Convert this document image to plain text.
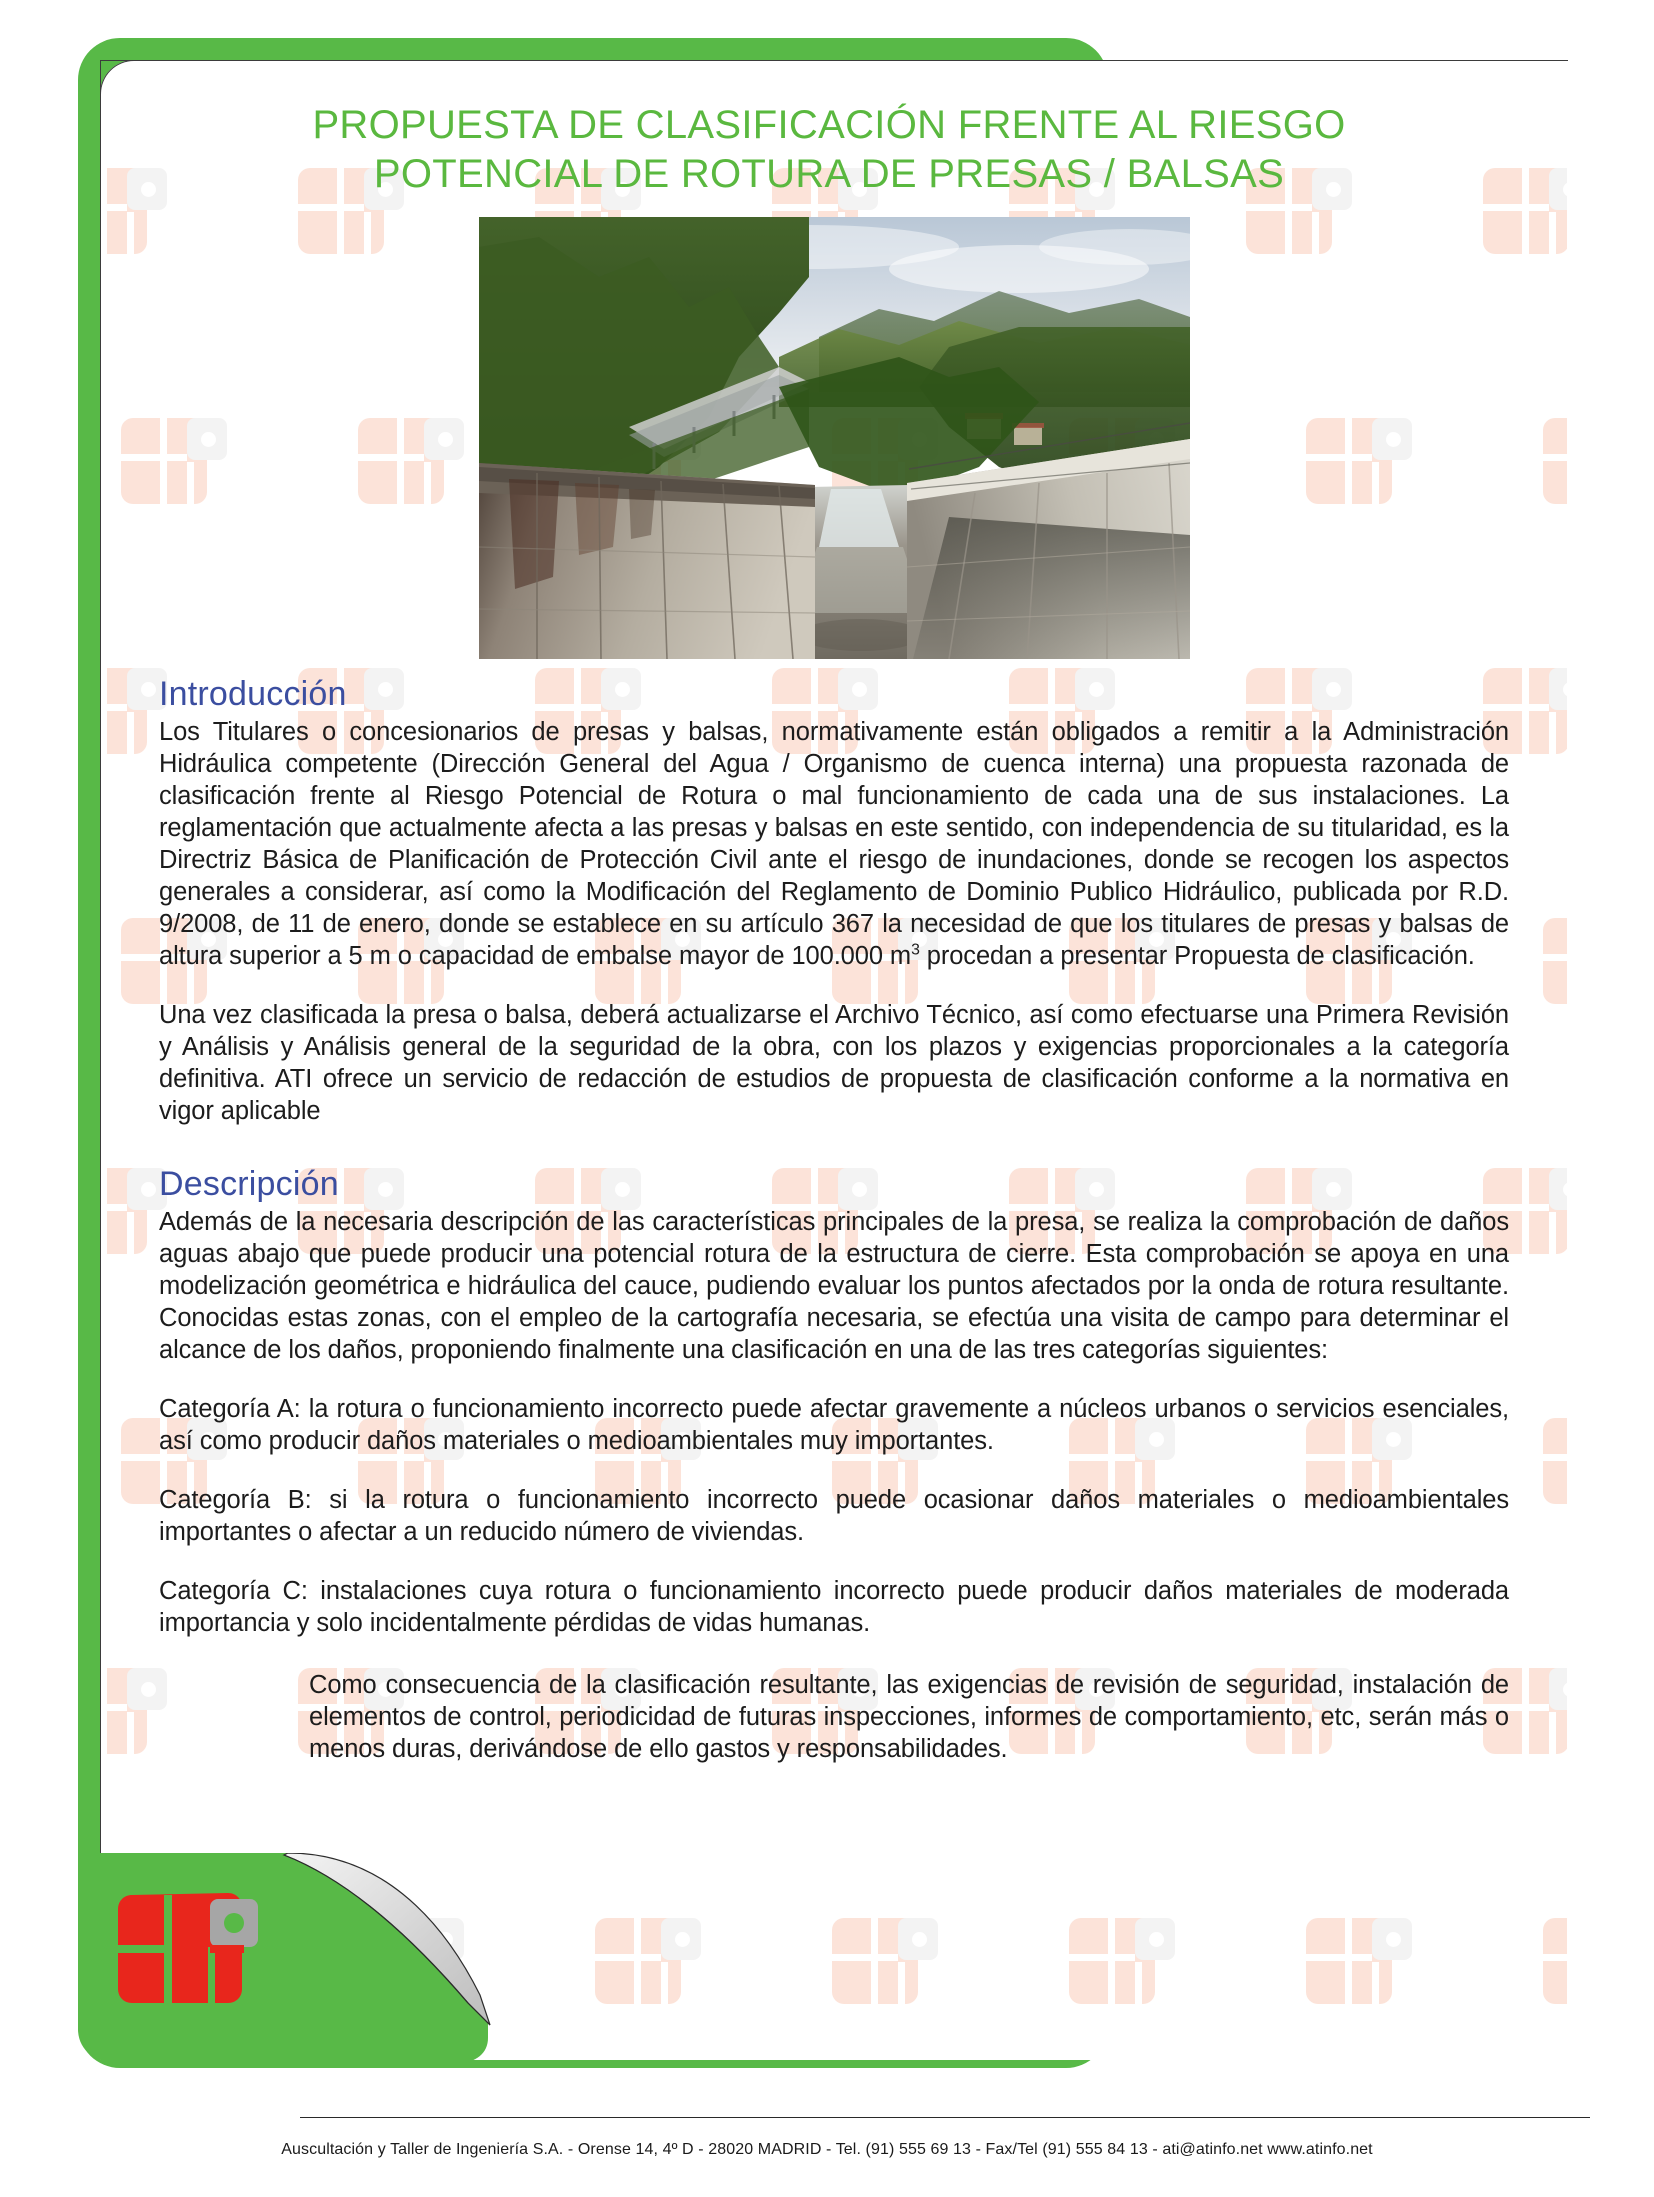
PROPUESTA DE CLASIFICACIÓN FRENTE AL RIESGO
POTENCIAL DE ROTURA DE PRESAS / BALSAS
Introducción

Los Titulares o concesionarios de presas y balsas, normativamente están obligados a remitir a la Administración Hidráulica competente (Dirección General del Agua / Organismo de cuenca interna) una propuesta razonada de clasificación frente al Riesgo Potencial de Rotura o mal funcionamiento de cada una de sus instalaciones. La reglamentación que actualmente afecta a las presas y balsas en este sentido, con independencia de su titularidad, es la Directriz Básica de Planificación de Protección Civil ante el riesgo de inundaciones, donde se recogen los aspectos generales a considerar, así como la Modificación del Reglamento de Dominio Publico Hidráulico, publicada por R.D. 9/2008, de 11 de enero, donde se establece en su artículo 367 la necesidad de que los titulares de presas y balsas de altura superior a 5 m o capacidad de embalse mayor de 100.000 $m^3$ procedan a presentar Propuesta de clasificación.

Una vez clasificada la presa o balsa, deberá actualizarse el Archivo Técnico, así como efectuarse una Primera Revisión y Análisis y Análisis general de la seguridad de la obra, con los plazos y exigencias proporcionales a la categoría definitiva. ATI ofrece un servicio de redacción de estudios de propuesta de clasificación conforme a la normativa en vigor aplicable

Descripción

Además de la necesaria descripción de las características principales de la presa, se realiza la comprobación de daños aguas abajo que puede producir una potencial rotura de la estructura de cierre. Esta comprobación se apoya en una modelización geométrica e hidráulica del cauce, pudiendo evaluar los puntos afectados por la onda de rotura resultante. Conocidas estas zonas, con el empleo de la cartografía necesaria, se efectúa una visita de campo para determinar el alcance de los daños, proponiendo finalmente una clasificación en una de las tres categorías siguientes:

Categoría A: la rotura o funcionamiento incorrecto puede afectar gravemente a núcleos urbanos o servicios esenciales, así como producir daños materiales o medioambientales muy importantes.

Categoría B: si la rotura o funcionamiento incorrecto puede ocasionar daños materiales o medioambientales importantes o afectar a un reducido número de viviendas.

Categoría C: instalaciones cuya rotura o funcionamiento incorrecto puede producir daños materiales de moderada importancia y solo incidentalmente pérdidas de vidas humanas.

Como consecuencia de la clasificación resultante, las exigencias de revisión de seguridad, instalación de elementos de control, periodicidad de futuras inspecciones, informes de comportamiento, etc, serán más o menos duras, derivándose de ello gastos y responsabilidades.

Auscultación y Taller de Ingeniería S.A. - Orense 14, 4º D - 28020 MADRID - Tel. (91) 555 69 13 - Fax/Tel (91) 555 84 13 - ati@atinfo.net www.atinfo.net
